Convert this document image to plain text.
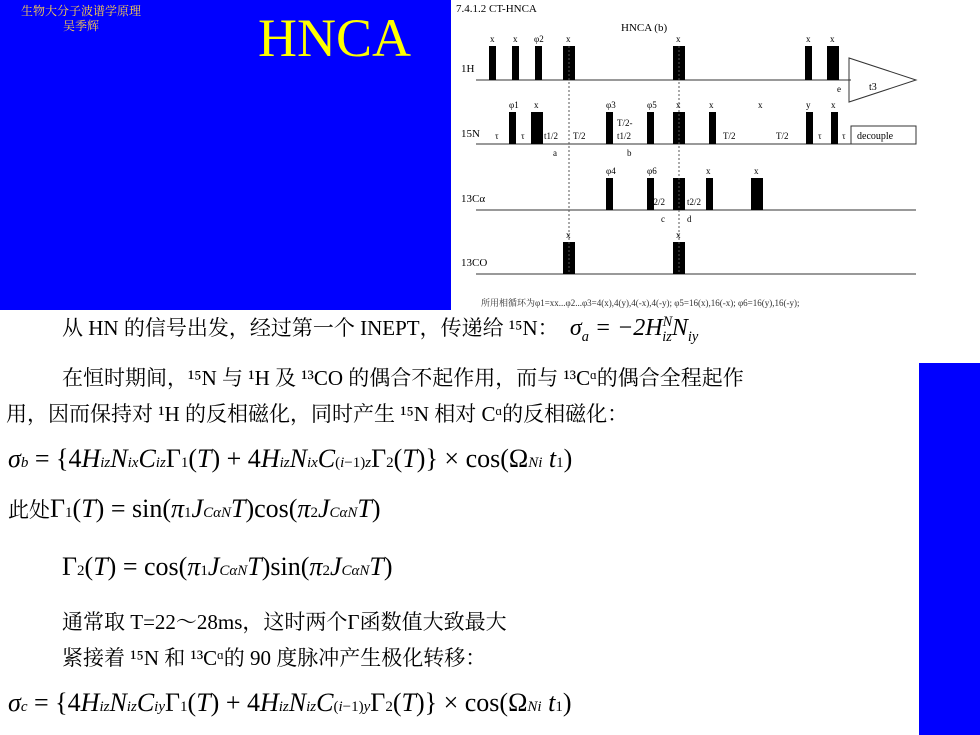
生物大分子波谱学原理
吴季辉	HNCA	7.4.1.2 CT-HNCA
HNCA (b)
1H
15N
13Cα
13CO
t3
decouple
τ τ t1/2 T/2
T/2-
t1/2	T/2	T/2	τ τ
t2/2 t2/2
x x φ2 x	x	x x
φ1 x	φ3	φ5 x	x	x	y x
φ4	φ6	x	x
x	x
a	b
c d
e
所用相循环为φ1=xx...φ2...φ3=4(x),4(y),4(-x),4(-y); φ5=16(x),16(-x); φ6=16(y),16(-y);
从 HN 的信号出发，经过第一个 INEPT，传递给 ¹⁵N： $\sigma_a = -2H^N_{iz}N_{iy}$
在恒时期间，¹⁵N 与 ¹H 及 ¹³CO 的偶合不起作用，而与 ¹³Cᵅ的偶合全程起作
用，因而保持对 ¹H 的反相磁化，同时产生 ¹⁵N 相对 Cᵅ的反相磁化：
σb = {4HizNixCizΓ1(T) + 4HizNixC(i−1)zΓ2(T)} × cos(ΩNi t1)
此处Γ1(T) = sin(π1JCαNT)cos(π2JCαNT)
Γ2(T) = cos(π1JCαNT)sin(π2JCαNT)
通常取 T=22～28ms，这时两个Γ函数值大致最大
紧接着 ¹⁵N 和 ¹³Cᵅ的 90 度脉冲产生极化转移：
σc = {4HizNizCiyΓ1(T) + 4HizNizC(i−1)yΓ2(T)} × cos(ΩNi t1)
